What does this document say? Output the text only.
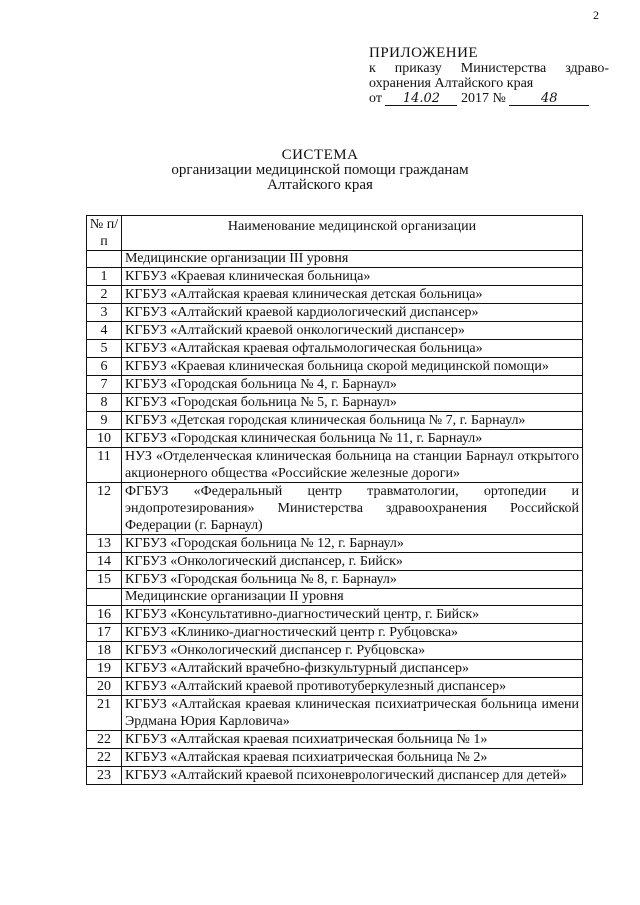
2
ПРИЛОЖЕНИЕ
к приказу Министерства здраво-
охранения Алтайского края
от 14.02 2017 №	48
СИСТЕМА
организации медицинской помощи гражданам
Алтайского края
№ п/п	Наименование медицинской организации
	Медицинские организации III уровня
1	КГБУЗ «Краевая клиническая больница»
2	КГБУЗ «Алтайская краевая клиническая детская больница»
3	КГБУЗ «Алтайский краевой кардиологический диспансер»
4	КГБУЗ «Алтайский краевой онкологический диспансер»
5	КГБУЗ «Алтайская краевая офтальмологическая больница»
6	КГБУЗ «Краевая клиническая больница скорой медицинской помощи»
7	КГБУЗ «Городская больница № 4, г. Барнаул»
8	КГБУЗ «Городская больница № 5, г. Барнаул»
9	КГБУЗ «Детская городская клиническая больница № 7, г. Барнаул»
10	КГБУЗ «Городская клиническая больница № 11, г. Барнаул»
11	НУЗ «Отделенческая клиническая больница на станции Барнаул открытого акционерного общества «Российские железные дороги»
12	ФГБУЗ «Федеральный центр травматологии, ортопедии и эндопротезирования» Министерства здравоохранения Российской Федерации (г. Барнаул)
13	КГБУЗ «Городская больница № 12, г. Барнаул»
14	КГБУЗ «Онкологический диспансер, г. Бийск»
15	КГБУЗ «Городская больница № 8, г. Барнаул»
	Медицинские организации II уровня
16	КГБУЗ «Консультативно-диагностический центр, г. Бийск»
17	КГБУЗ «Клинико-диагностический центр г. Рубцовска»
18	КГБУЗ «Онкологический диспансер г. Рубцовска»
19	КГБУЗ «Алтайский врачебно-физкультурный диспансер»
20	КГБУЗ «Алтайский краевой противотуберкулезный диспансер»
21	КГБУЗ «Алтайская краевая клиническая психиатрическая больница имени Эрдмана Юрия Карловича»
22	КГБУЗ «Алтайская краевая психиатрическая больница № 1»
22	КГБУЗ «Алтайская краевая психиатрическая больница № 2»
23	КГБУЗ «Алтайский краевой психоневрологический диспансер для детей»
